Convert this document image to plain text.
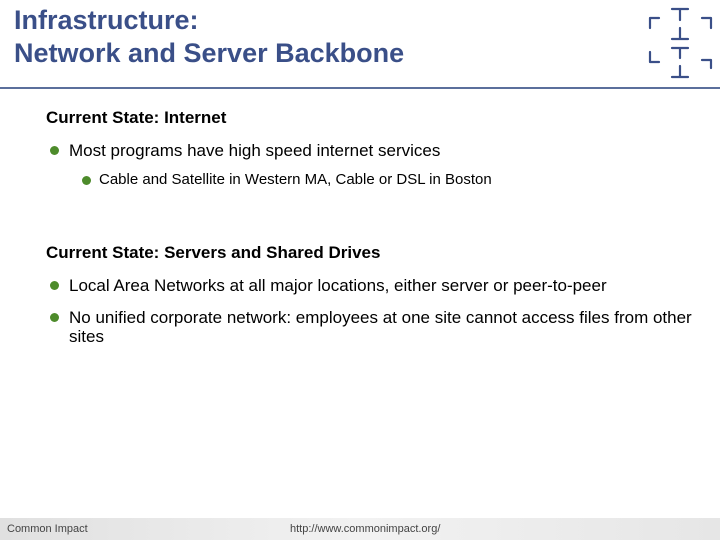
Infrastructure:
Network and Server Backbone

Current State: Internet

Most programs have high speed internet services
Cable and Satellite in Western MA, Cable or DSL in Boston

Current State: Servers and Shared Drives

Local Area Networks at all major locations, either server or peer-to-peer
No unified corporate network: employees at one site cannot access files from other sites
Common Impact	http://www.commonimpact.org/
